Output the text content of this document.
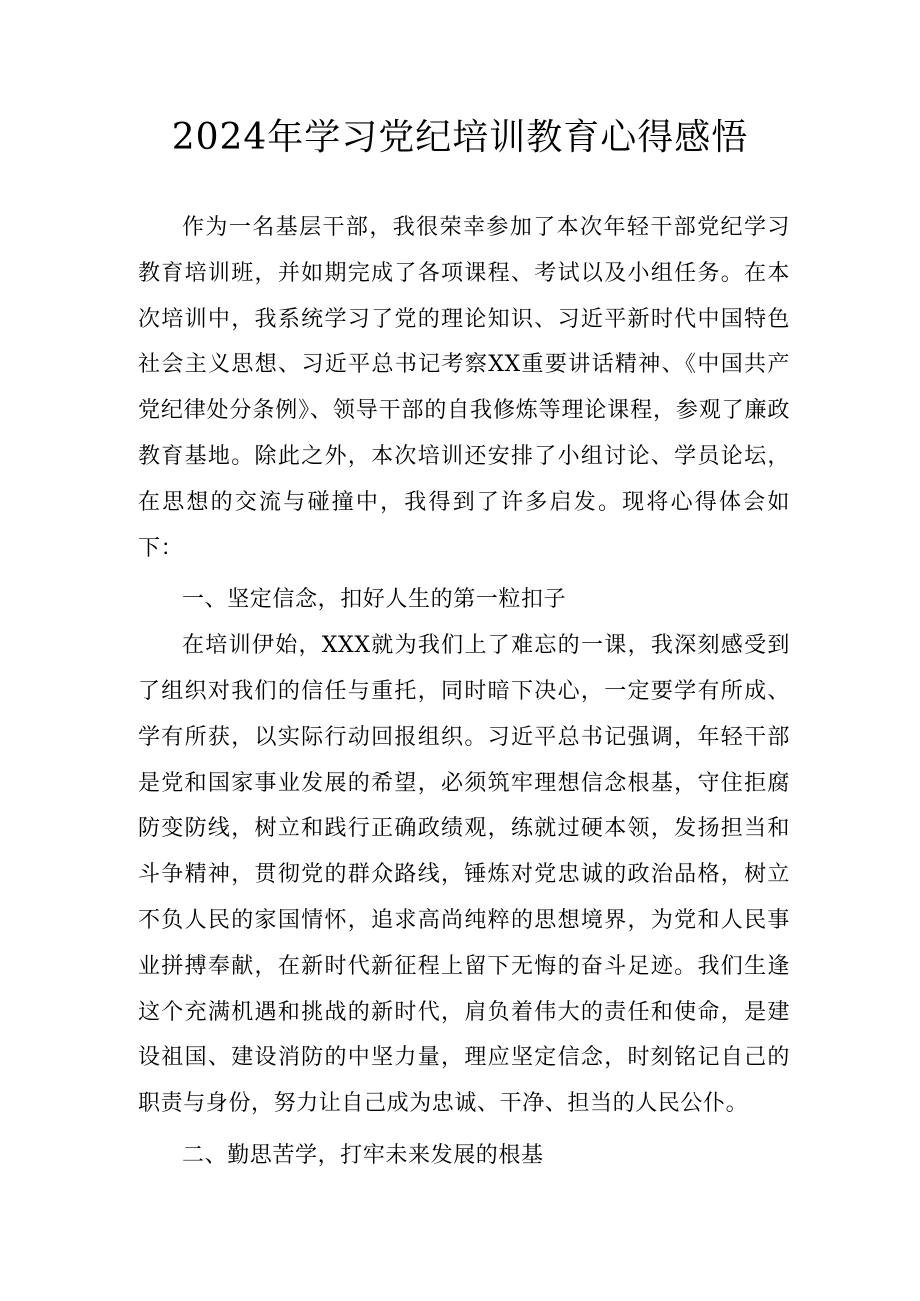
2024年学习党纪培训教育心得感悟

作为一名基层干部，我很荣幸参加了本次年轻干部党纪学习教育培训班，并如期完成了各项课程、考试以及小组任务。在本次培训中，我系统学习了党的理论知识、习近平新时代中国特色社会主义思想、习近平总书记考察XX重要讲话精神、《中国共产党纪律处分条例》、领导干部的自我修炼等理论课程，参观了廉政教育基地。除此之外，本次培训还安排了小组讨论、学员论坛，在思想的交流与碰撞中，我得到了许多启发。现将心得体会如下：

一、坚定信念，扣好人生的第一粒扣子

在培训伊始，XXX就为我们上了难忘的一课，我深刻感受到了组织对我们的信任与重托，同时暗下决心，一定要学有所成、学有所获，以实际行动回报组织。习近平总书记强调，年轻干部是党和国家事业发展的希望，必须筑牢理想信念根基，守住拒腐防变防线，树立和践行正确政绩观，练就过硬本领，发扬担当和斗争精神，贯彻党的群众路线，锤炼对党忠诚的政治品格，树立不负人民的家国情怀，追求高尚纯粹的思想境界，为党和人民事业拼搏奉献，在新时代新征程上留下无悔的奋斗足迹。我们生逢这个充满机遇和挑战的新时代，肩负着伟大的责任和使命，是建设祖国、建设消防的中坚力量，理应坚定信念，时刻铭记自己的职责与身份，努力让自己成为忠诚、干净、担当的人民公仆。

二、勤思苦学，打牢未来发展的根基
